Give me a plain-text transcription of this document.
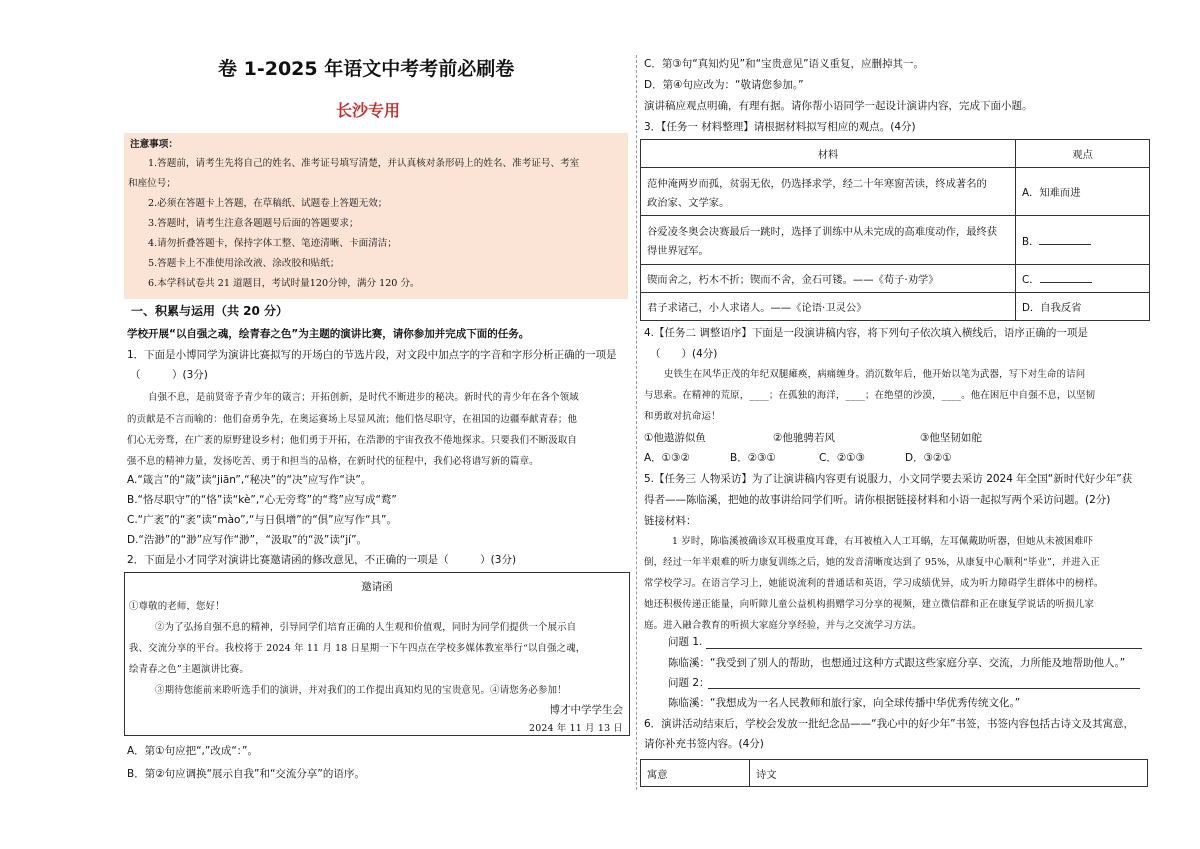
卷 1-2025 年语文中考考前必刷卷
长沙专用
注意事项：
1.答题前，请考生先将自己的姓名、准考证号填写清楚，并认真核对条形码上的姓名、准考证号、考室
和座位号；
2.必须在答题卡上答题，在草稿纸、试题卷上答题无效；
3.答题时，请考生注意各题题号后面的答题要求；
4.请勿折叠答题卡，保持字体工整、笔迹清晰、卡面清洁；
5.答题卡上不准使用涂改液、涂改胶和贴纸；
6.本学科试卷共 21 道题目，考试时量120分钟，满分 120 分。
一、积累与运用（共 20 分）
学校开展“以自强之魂，绘青春之色”为主题的演讲比赛，请你参加并完成下面的任务。
1．下面是小博同学为演讲比赛拟写的开场白的节选片段，对文段中加点字的字音和字形分析正确的一项是
（　　　）(3分)
自强不息，是前贤寄予青少年的箴言；开拓创新，是时代不断进步的秘决。新时代的青少年在各个领域
的贡献是不言而喻的：他们奋勇争先，在奥运赛场上尽显风流；他们恪尽职守，在祖国的边疆奉献青春；他
们心无旁骛，在广袤的原野建设乡村；他们勇于开拓，在浩渺的宇宙孜孜不倦地探求。只要我们不断汲取自
强不息的精神力量，发扬吃苦、勇于和担当的品格，在新时代的征程中，我们必将谱写新的篇章。
A.“箴言”的“箴”读“jiān”,“秘决”的“决”应写作“诀”。
B.“恪尽职守”的“恪”读“kè”,“心无旁骛”的“骛”应写成“鹜”
C.“广袤”的“袤”读“mào”,“与日俱增”的“俱”应写作“具”。
D.“浩渺”的“渺”应写作“渺”，“汲取”的“汲”读“jí”。
2．下面是小才同学对演讲比赛邀请函的修改意见，不正确的一项是（　　　）(3分)
邀请函
①尊敬的老师，您好！
②为了弘扬自强不息的精神，引导同学们培育正确的人生观和价值观，同时为同学们提供一个展示自
我、交流分享的平台。我校将于 2024 年 11 月 18 日星期一下午四点在学校多媒体教室举行“以自强之魂，
绘青春之色”主题演讲比赛。
③期待您能前来聆听选手们的演讲，并对我们的工作提出真知灼见的宝贵意见。④请您务必参加！
博才中学学生会
2024 年 11 月 13 日
A．第①句应把“,”改成“：”。
B．第②句应调换“展示自我”和“交流分享”的语序。
C．第③句“真知灼见”和“宝贵意见”语义重复，应删掉其一。
D．第④句应改为：“敬请您参加。”
演讲稿应观点明确，有理有据。请你帮小语同学一起设计演讲内容，完成下面小题。
3．【任务一 材料整理】请根据材料拟写相应的观点。(4分)
材料	观点

范仲淹两岁而孤，贫弱无依，仍选择求学，经二十年寒窗苦读，终成著名的
政治家、文学家。	A．知难而进

谷爱凌冬奥会决赛最后一跳时，选择了训练中从未完成的高难度动作，最终获
得世界冠军。	B．
锲而舍之，朽木不折；锲而不舍，金石可镂。——《荀子·劝学》	C．
君子求诸己，小人求诸人。——《论语·卫灵公》	D．自我反省
4.【任务二 调整语序】下面是一段演讲稿内容，将下列句子依次填入横线后，语序正确的一项是
（　　）(4分)
史铁生在风华正茂的年纪双腿瘫痪，病痛缠身。消沉数年后，他开始以笔为武器，写下对生命的诘问
与思索。在精神的荒原，____；在孤独的海洋，____；在绝望的沙漠，____。他在困厄中自强不息，以坚韧
和勇敢对抗命运！
①他遨游似鱼	②他驰骋若风	③他坚韧如舵
A．①③②	B．②③①	C．②①③	D．③②①
5.【任务三 人物采访】为了让演讲稿内容更有说服力，小文同学要去采访 2024 年全国“新时代好少年”获
得者——陈临溪，把她的故事讲给同学们听。请你根据链接材料和小语一起拟写两个采访问题。(2分)
链接材料：
1 岁时，陈临溪被确诊双耳极重度耳聋，右耳被植入人工耳蜗，左耳佩戴助听器，但她从未被困难吓
倒，经过一年半艰难的听力康复训练之后，她的发音清晰度达到了 95%，从康复中心顺利“毕业”，并进入正
常学校学习。在语言学习上，她能说流利的普通话和英语，学习成绩优异，成为听力障碍学生群体中的榜样。
她还积极传递正能量，向听障儿童公益机构捐赠学习分享的视频，建立微信群和正在康复学说话的听损儿家
庭。进入融合教育的听损大家庭分享经验，并与之交流学习方法。
问题 1.
陈临溪：“我受到了别人的帮助，也想通过这种方式跟这些家庭分享、交流，力所能及地帮助他人。”
问题 2：
陈临溪：“我想成为一名人民教师和旅行家，向全球传播中华优秀传统文化。”
6．演讲活动结束后，学校会发放一批纪念品——“我心中的好少年”书签，书签内容包括古诗文及其寓意，
请你补充书签内容。(4分)
寓意	诗文
